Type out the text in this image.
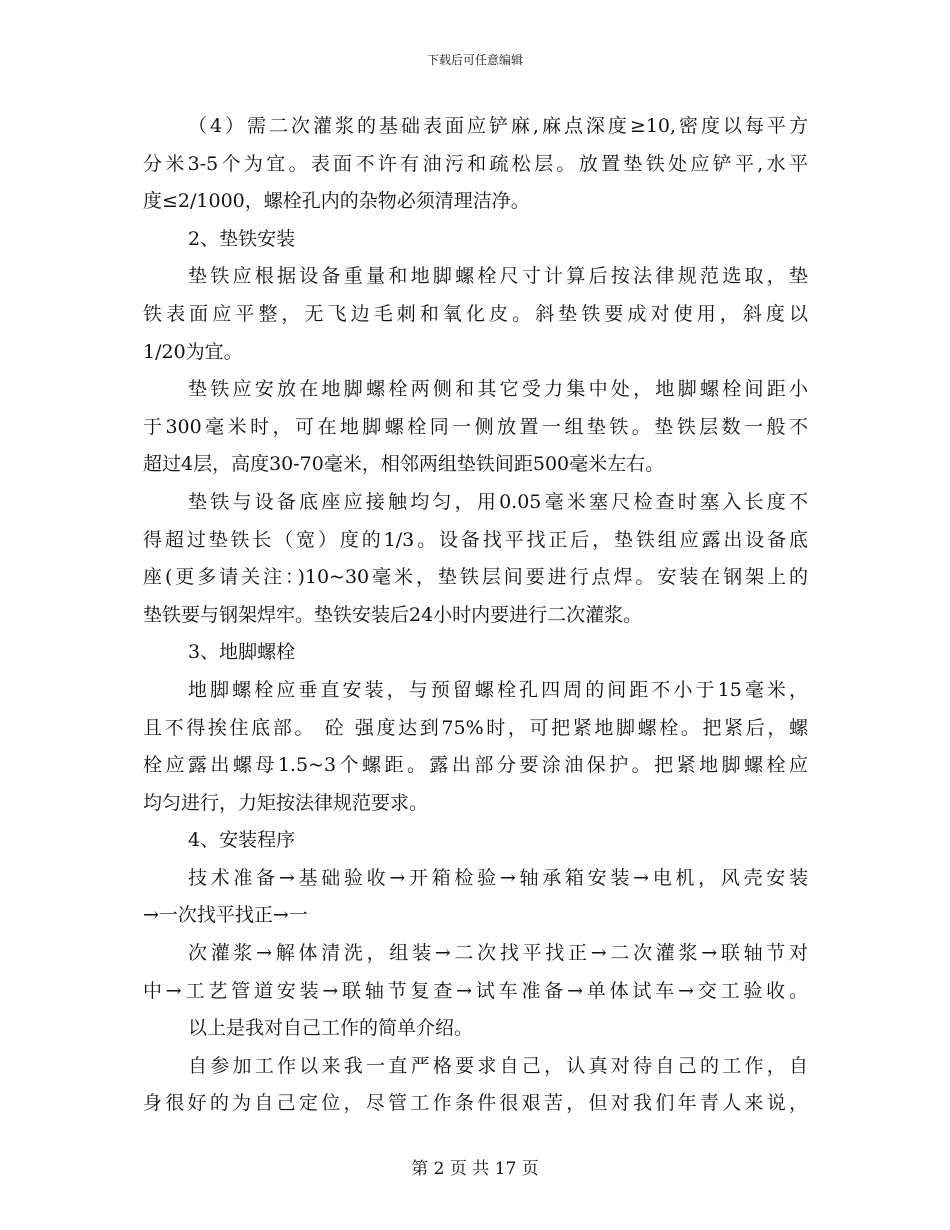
下载后可任意编辑
（4）需二次灌浆的基础表面应铲麻,麻点深度≥10,密度以每平方
分米3-5个为宜。表面不许有油污和疏松层。放置垫铁处应铲平,水平
度≤2/1000，螺栓孔内的杂物必须清理洁净。
2、垫铁安装
垫铁应根据设备重量和地脚螺栓尺寸计算后按法律规范选取，垫
铁表面应平整，无飞边毛刺和氧化皮。斜垫铁要成对使用，斜度以
1/20为宜。
垫铁应安放在地脚螺栓两侧和其它受力集中处，地脚螺栓间距小
于300毫米时，可在地脚螺栓同一侧放置一组垫铁。垫铁层数一般不
超过4层，高度30-70毫米，相邻两组垫铁间距500毫米左右。
垫铁与设备底座应接触均匀，用0.05毫米塞尺检查时塞入长度不
得超过垫铁长（宽）度的1/3。设备找平找正后，垫铁组应露出设备底
座(更多请关注：)10~30毫米，垫铁层间要进行点焊。安装在钢架上的
垫铁要与钢架焊牢。垫铁安装后24小时内要进行二次灌浆。
3、地脚螺栓
地脚螺栓应垂直安装，与预留螺栓孔四周的间距不小于15毫米，
且不得挨住底部。 砼 强度达到75%时，可把紧地脚螺栓。把紧后，螺
栓应露出螺母1.5~3个螺距。露出部分要涂油保护。把紧地脚螺栓应
均匀进行，力矩按法律规范要求。
4、安装程序
技术准备→基础验收→开箱检验→轴承箱安装→电机，风壳安装
→一次找平找正→一
次灌浆→解体清洗，组装→二次找平找正→二次灌浆→联轴节对
中→工艺管道安装→联轴节复查→试车准备→单体试车→交工验收。
以上是我对自己工作的简单介绍。
自参加工作以来我一直严格要求自己，认真对待自己的工作，自
身很好的为自己定位，尽管工作条件很艰苦，但对我们年青人来说，
第 2 页 共 17 页
